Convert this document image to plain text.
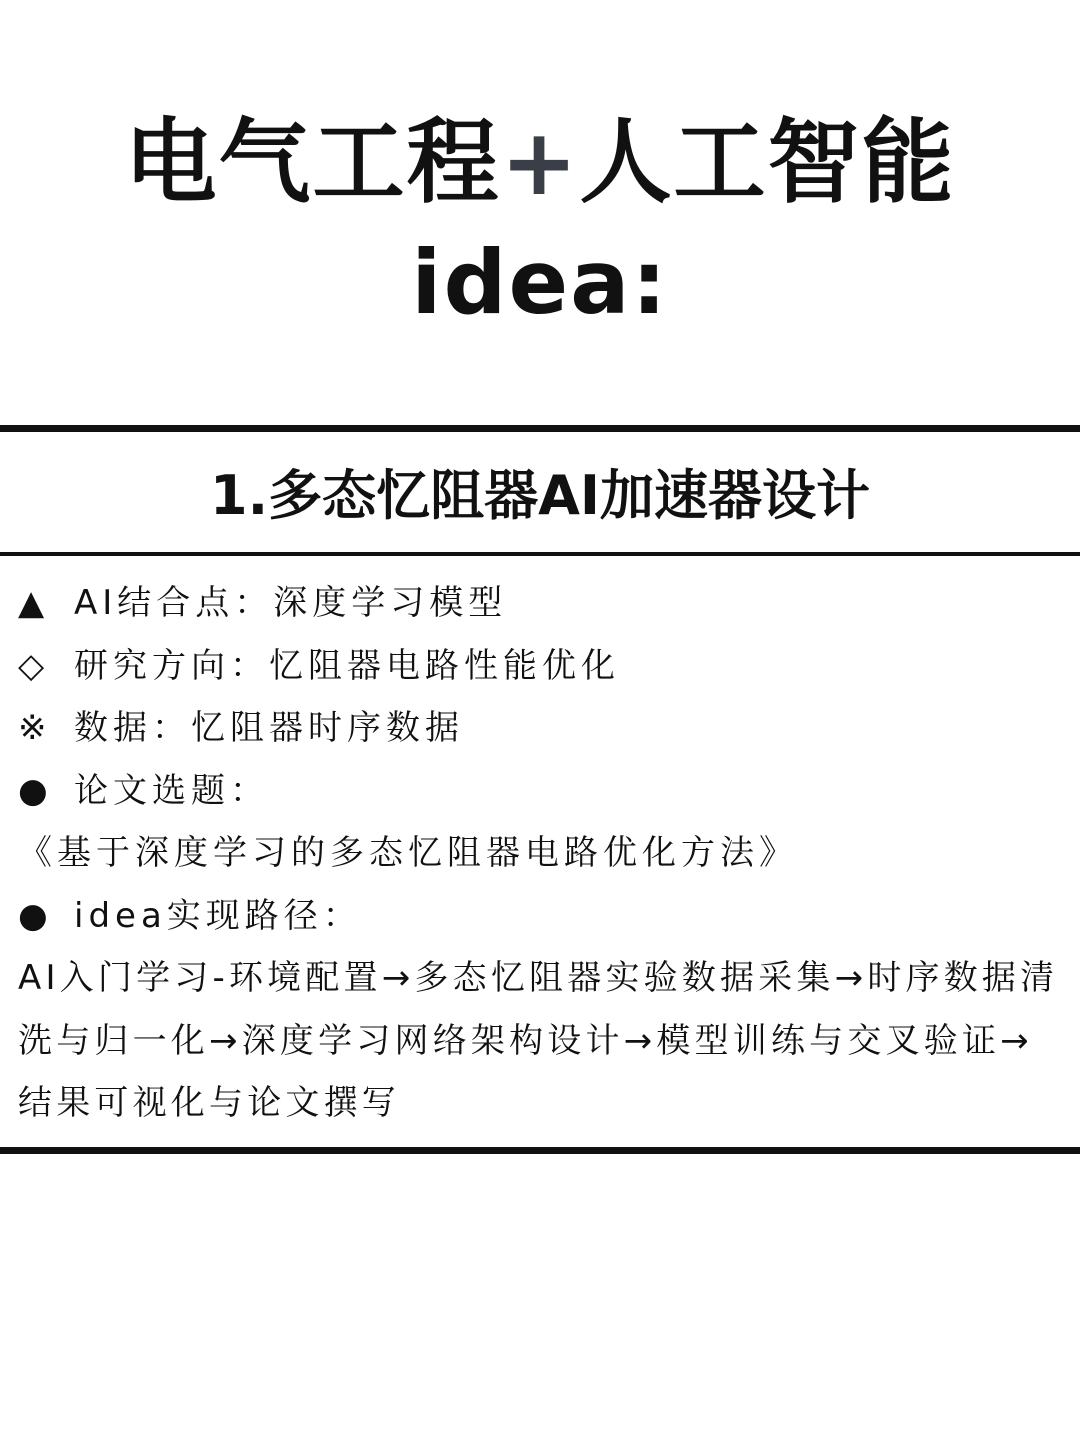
电气工程+人工智能
idea:
1.多态忆阻器AI加速器设计
▲ AI结合点：深度学习模型
◇ 研究方向：忆阻器电路性能优化
※ 数据：忆阻器时序数据
● 论文选题：
《基于深度学习的多态忆阻器电路优化方法》
● idea实现路径：
AI入门学习-环境配置→多态忆阻器实验数据采集→时序数据清洗与归一化→深度学习网络架构设计→模型训练与交叉验证→结果可视化与论文撰写
